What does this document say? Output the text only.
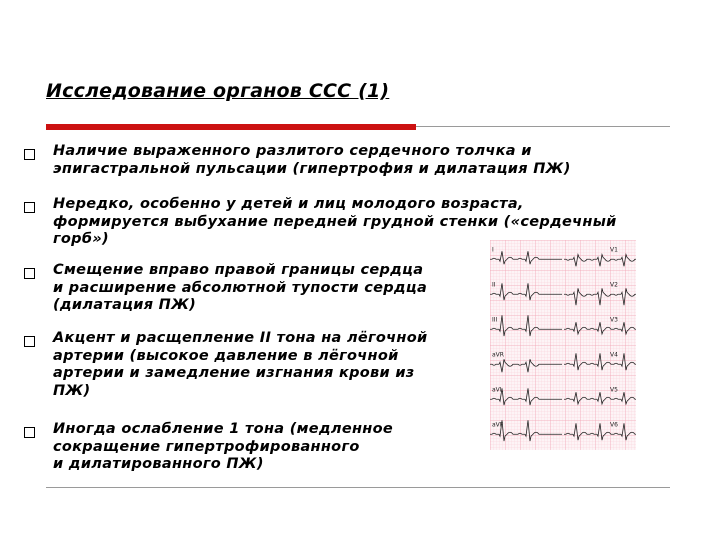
Исследование органов ССС (1)
Наличие выраженного разлитого сердечного толчка и
эпигастральной пульсации (гипертрофия и дилатация ПЖ)
Нередко, особенно у детей и лиц молодого возраста,
формируется выбухание передней грудной стенки («сердечный
горб»)
Смещение вправо правой границы сердца
и расширение абсолютной тупости сердца
(дилатация ПЖ)
Акцент и расщепление II тона на лёгочной
артерии (высокое давление в лёгочной
артерии и замедление изгнания крови из
ПЖ)
Иногда ослабление 1 тона (медленное
сокращение гипертрофированного
и дилатированного ПЖ)
I
II
III
aVR
aVL
aVF
V1
V2
V3
V4
V5
V6
